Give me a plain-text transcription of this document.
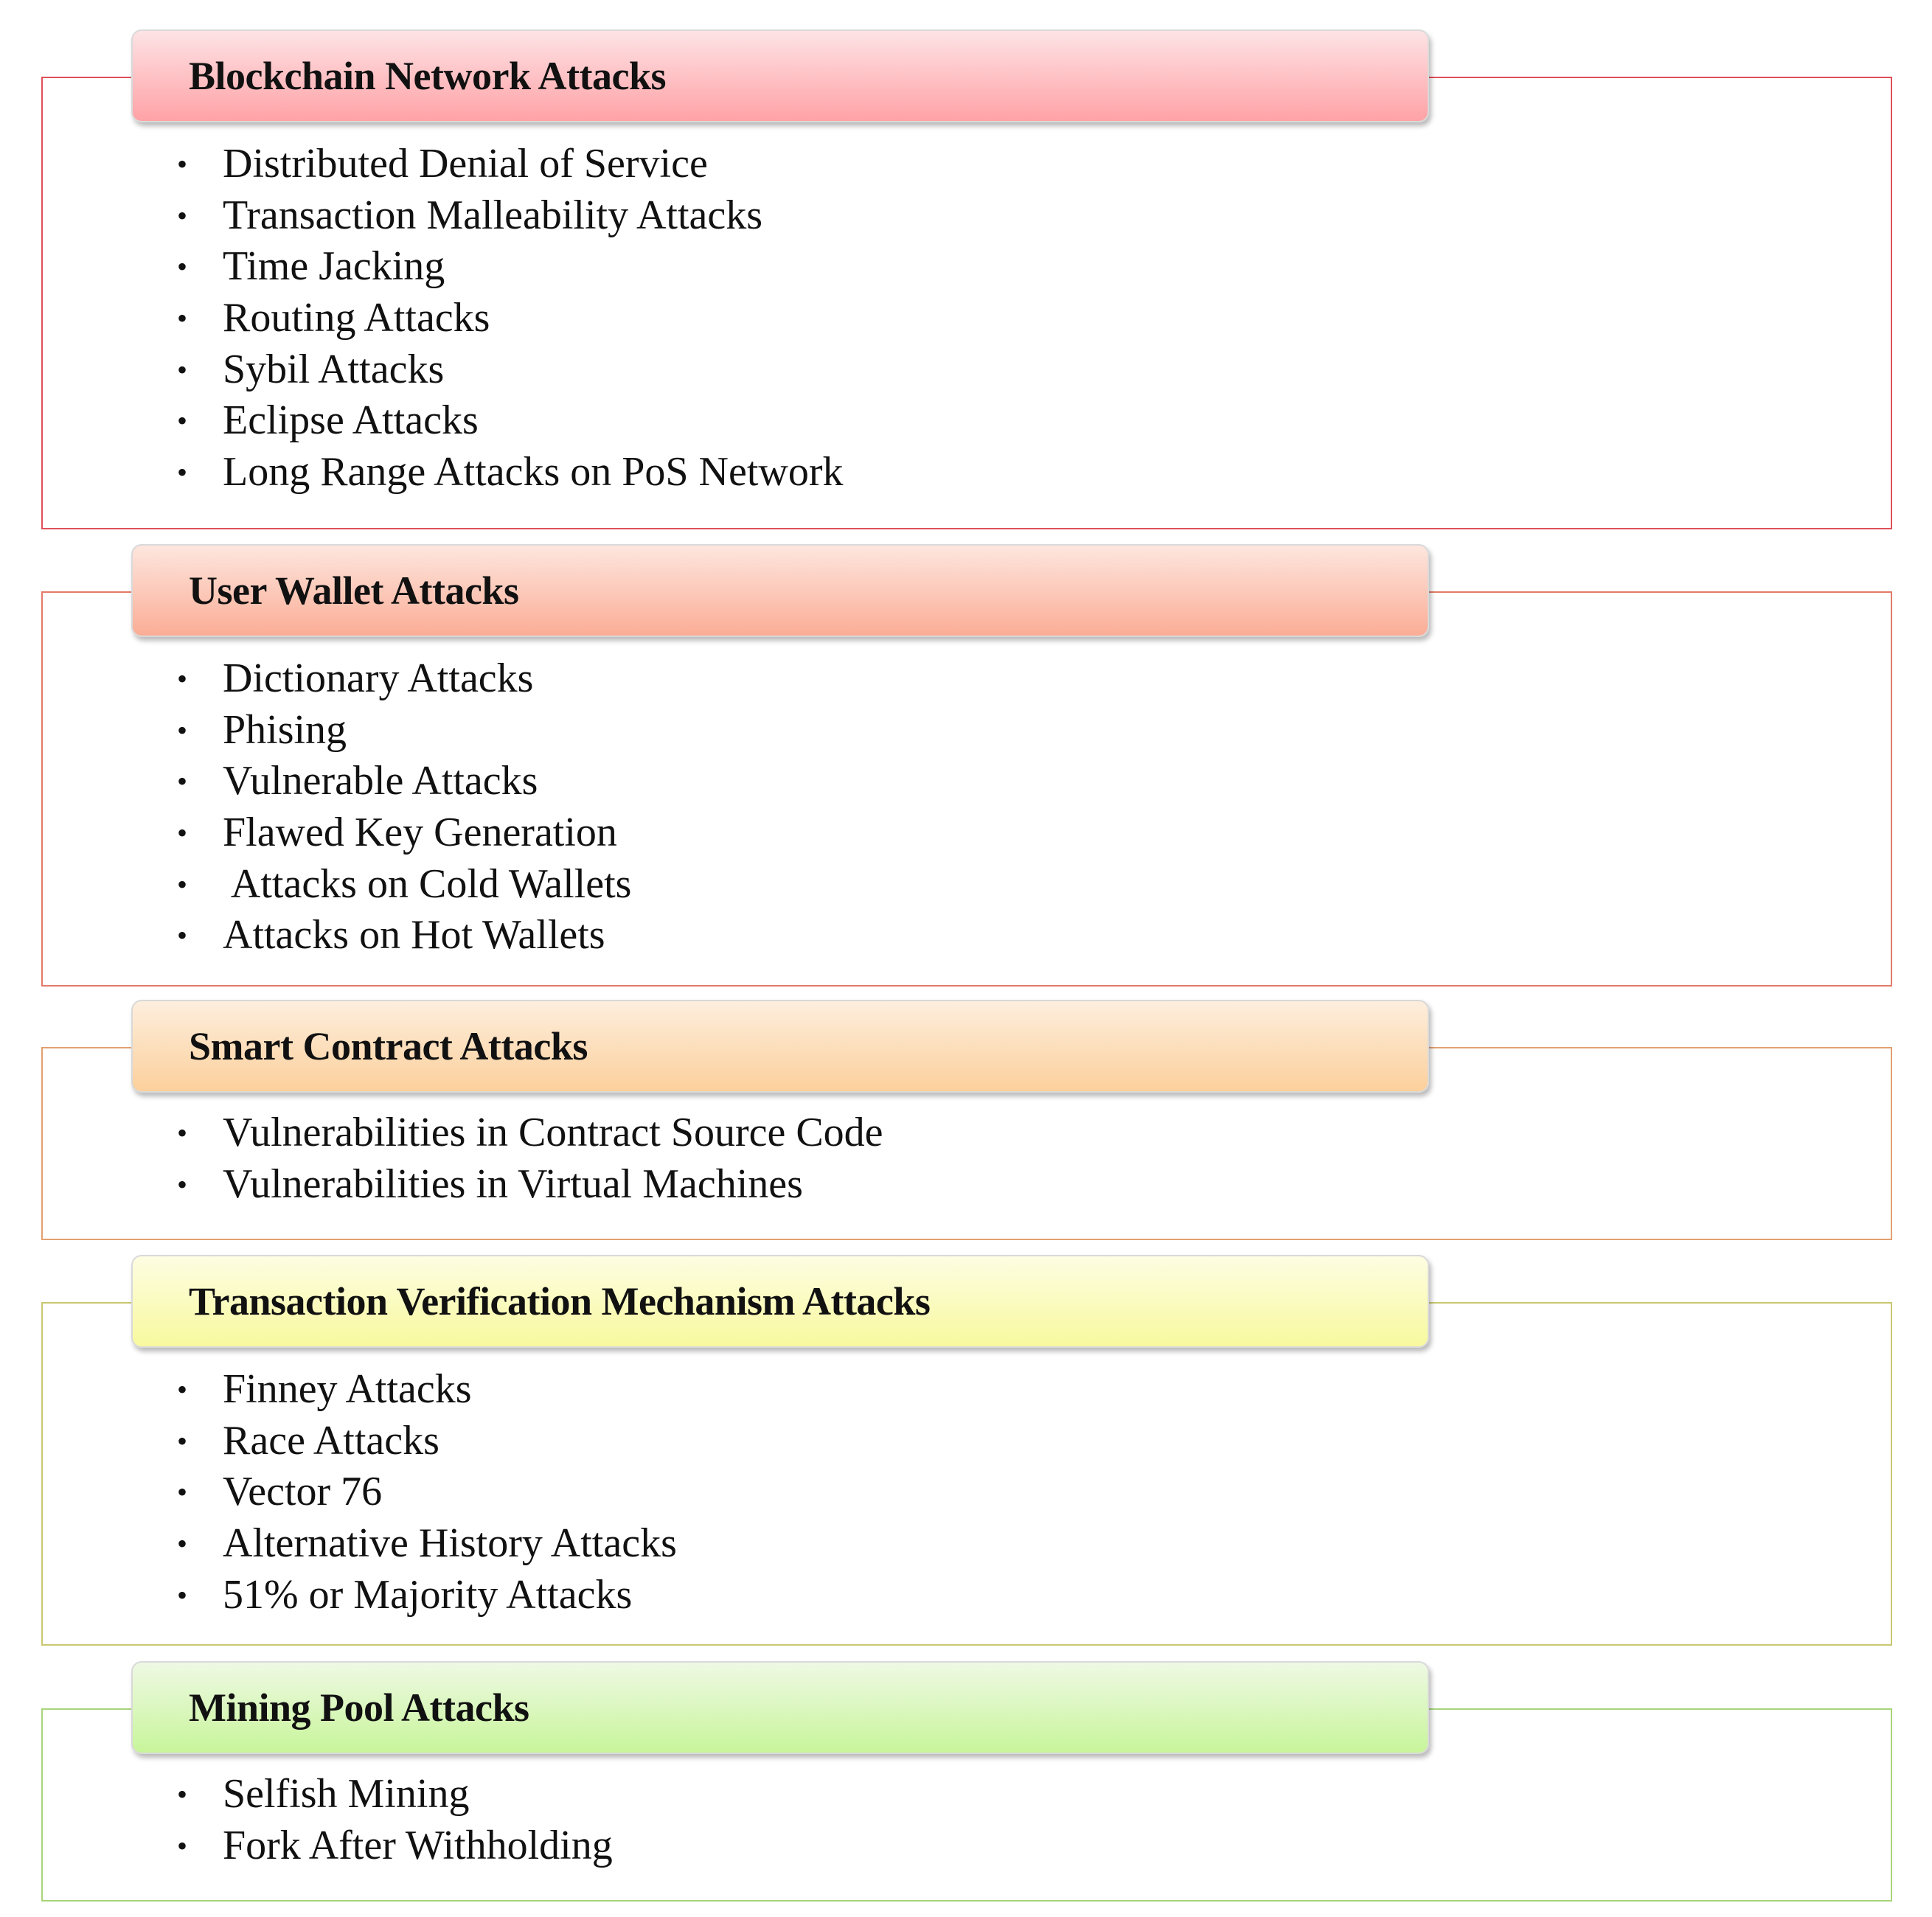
Blockchain Network Attacks
• Distributed Denial of Service
• Transaction Malleability Attacks
• Time Jacking
• Routing Attacks
• Sybil Attacks
• Eclipse Attacks
• Long Range Attacks on PoS Network
User Wallet Attacks
• Dictionary Attacks
• Phising
• Vulnerable Attacks
• Flawed Key Generation
• Attacks on Cold Wallets
• Attacks on Hot Wallets
Smart Contract Attacks
• Vulnerabilities in Contract Source Code
• Vulnerabilities in Virtual Machines
Transaction Verification Mechanism Attacks
• Finney Attacks
• Race Attacks
• Vector 76
• Alternative History Attacks
• 51% or Majority Attacks
Mining Pool Attacks
• Selfish Mining
• Fork After Withholding
